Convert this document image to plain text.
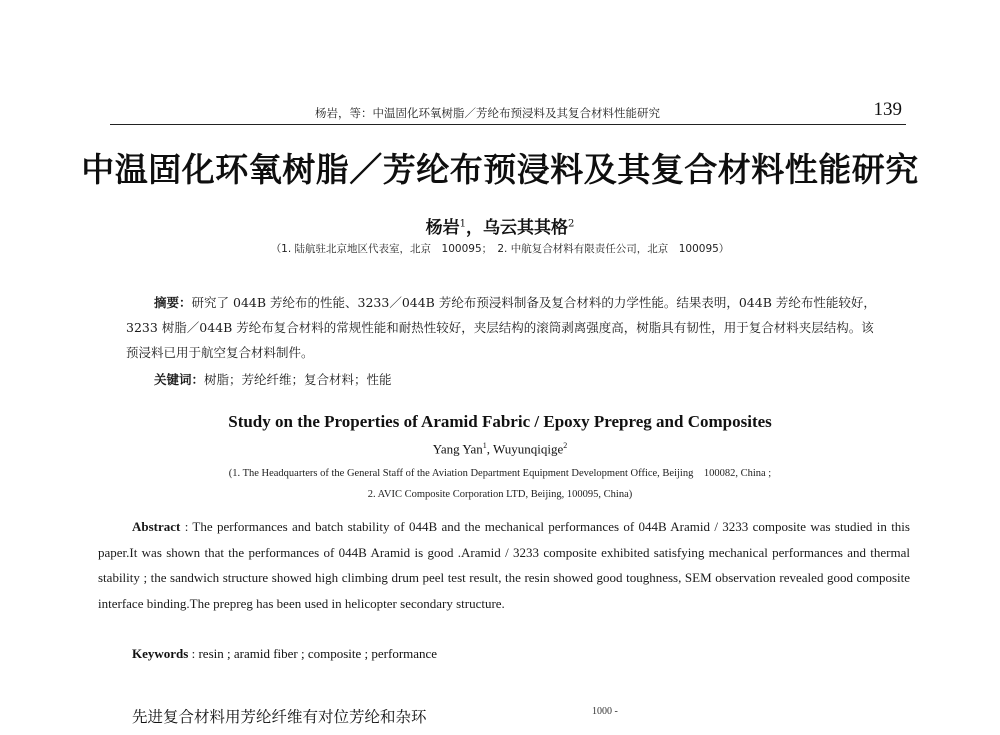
杨岩，等：中温固化环氧树脂／芳纶布预浸料及其复合材料性能研究	139
中温固化环氧树脂／芳纶布预浸料及其复合材料性能研究
杨岩$^1$，乌云其其格$^2$
（1. 陆航驻北京地区代表室，北京　100095；　2. 中航复合材料有限责任公司，北京　100095）
摘要：研究了 044B 芳纶布的性能、3233／044B 芳纶布预浸料制备及复合材料的力学性能。结果表明，044B 芳纶布性能较好，3233 树脂／044B 芳纶布复合材料的常规性能和耐热性较好，夹层结构的滚筒剥离强度高，树脂具有韧性，用于复合材料夹层结构。该预浸料已用于航空复合材料制件。
关键词：树脂；芳纶纤维；复合材料；性能
Study on the Properties of Aramid Fabric / Epoxy Prepreg and Composites
Yang Yan$^1$, Wuyunqiqige$^2$
(1. The Headquarters of the General Staff of the Aviation Department Equipment Development Office, Beijing　100082, China ;
2. AVIC Composite Corporation LTD, Beijing, 100095, China)
Abstract : The performances and batch stability of 044B and the mechanical performances of 044B Aramid / 3233 composite was studied in this paper.It was shown that the performances of 044B Aramid is good .Aramid / 3233 composite exhibited satisfying mechanical performances and thermal stability ; the sandwich structure showed high climbing drum peel test result, the resin showed good toughness, SEM observation revealed good composite interface binding.The prepreg has been used in helicopter secondary structure.
Keywords : resin ; aramid fiber ; composite ; performance
先进复合材料用芳纶纤维有对位芳纶和杂环	1000 -
